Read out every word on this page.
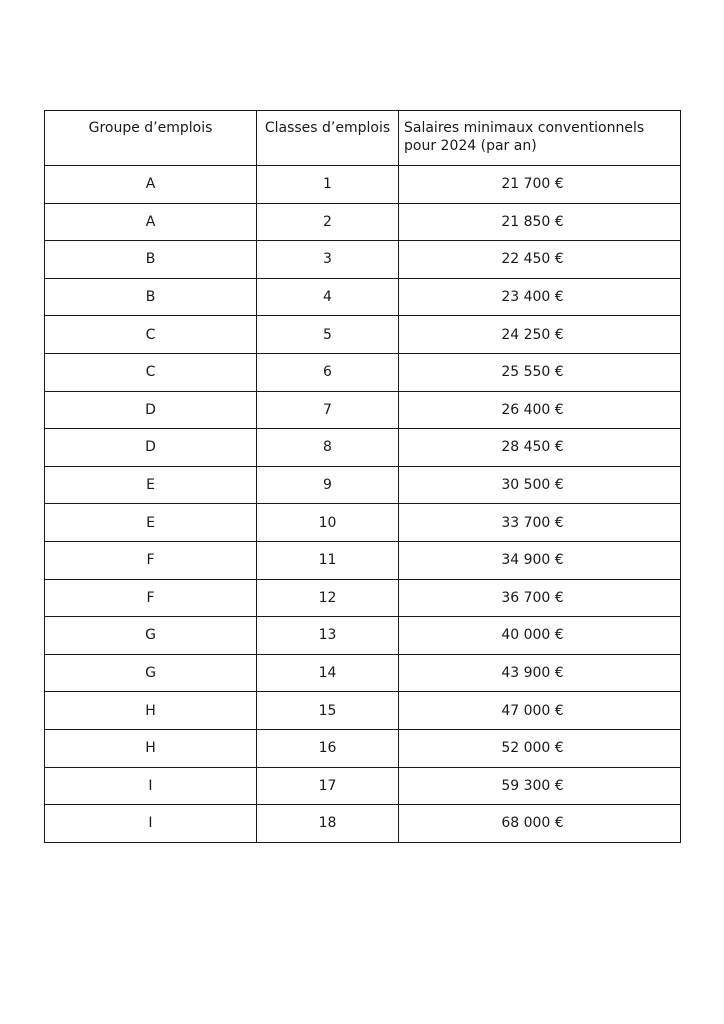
Groupe d’emplois	Classes d’emplois	Salaires minimaux conventionnels pour 2024 (par an)
A	1	21 700 €
A	2	21 850 €
B	3	22 450 €
B	4	23 400 €
C	5	24 250 €
C	6	25 550 €
D	7	26 400 €
D	8	28 450 €
E	9	30 500 €
E	10	33 700 €
F	11	34 900 €
F	12	36 700 €
G	13	40 000 €
G	14	43 900 €
H	15	47 000 €
H	16	52 000 €
I	17	59 300 €
I	18	68 000 €
